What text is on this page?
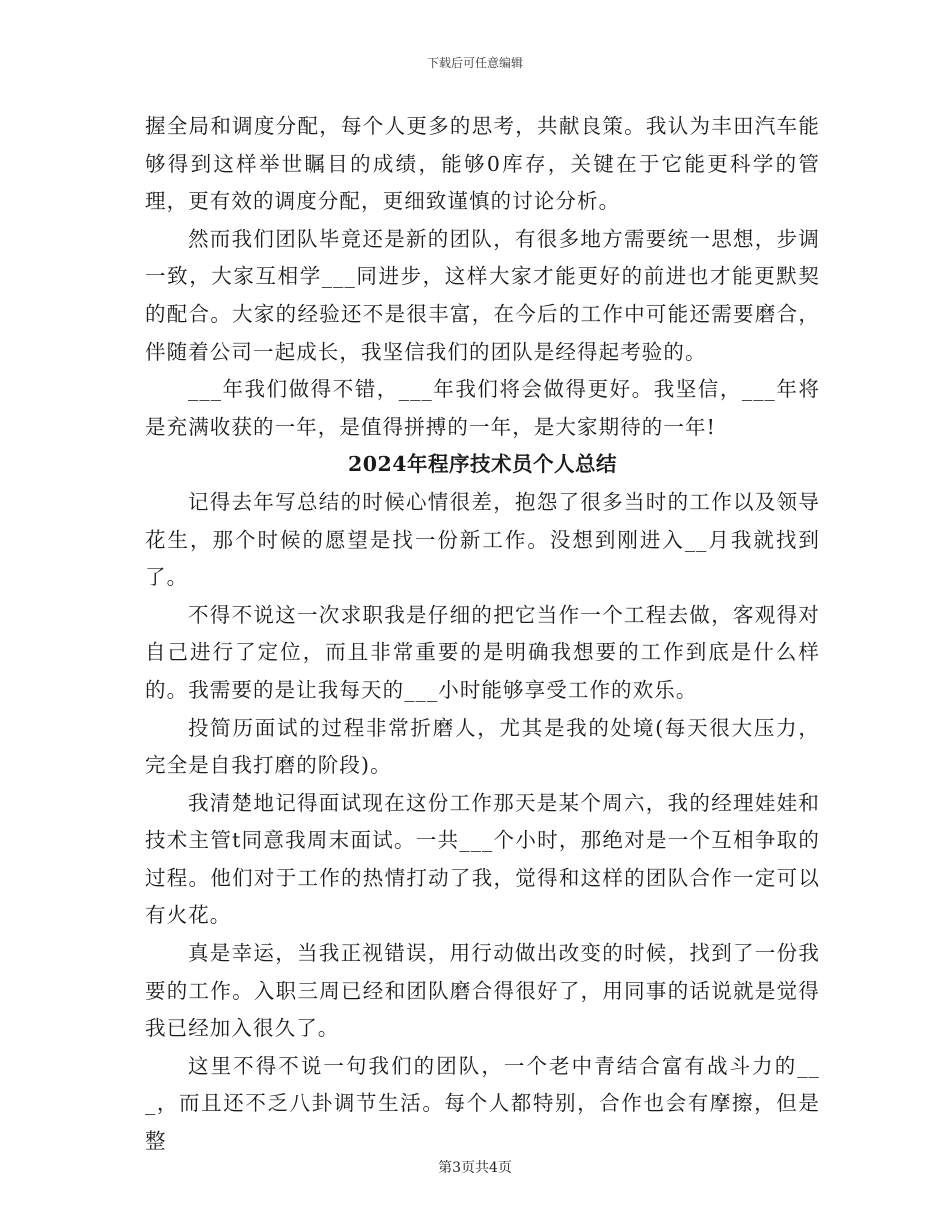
下载后可任意编辑

握全局和调度分配，每个人更多的思考，共献良策。我认为丰田汽车能够得到这样举世瞩目的成绩，能够0库存，关键在于它能更科学的管理，更有效的调度分配，更细致谨慎的讨论分析。

然而我们团队毕竟还是新的团队，有很多地方需要统一思想，步调一致，大家互相学___同进步，这样大家才能更好的前进也才能更默契的配合。大家的经验还不是很丰富，在今后的工作中可能还需要磨合，伴随着公司一起成长，我坚信我们的团队是经得起考验的。

___年我们做得不错，___年我们将会做得更好。我坚信，___年将是充满收获的一年，是值得拼搏的一年，是大家期待的一年!

2024年程序技术员个人总结

记得去年写总结的时候心情很差，抱怨了很多当时的工作以及领导花生，那个时候的愿望是找一份新工作。没想到刚进入__月我就找到了。

不得不说这一次求职我是仔细的把它当作一个工程去做，客观得对自己进行了定位，而且非常重要的是明确我想要的工作到底是什么样的。我需要的是让我每天的___小时能够享受工作的欢乐。

投简历面试的过程非常折磨人，尤其是我的处境(每天很大压力，完全是自我打磨的阶段)。

我清楚地记得面试现在这份工作那天是某个周六，我的经理娃娃和技术主管t同意我周末面试。一共___个小时，那绝对是一个互相争取的过程。他们对于工作的热情打动了我，觉得和这样的团队合作一定可以有火花。

真是幸运，当我正视错误，用行动做出改变的时候，找到了一份我要的工作。入职三周已经和团队磨合得很好了，用同事的话说就是觉得我已经加入很久了。

这里不得不说一句我们的团队，一个老中青结合富有战斗力的___，而且还不乏八卦调节生活。每个人都特别，合作也会有摩擦，但是整

第3页共4页
